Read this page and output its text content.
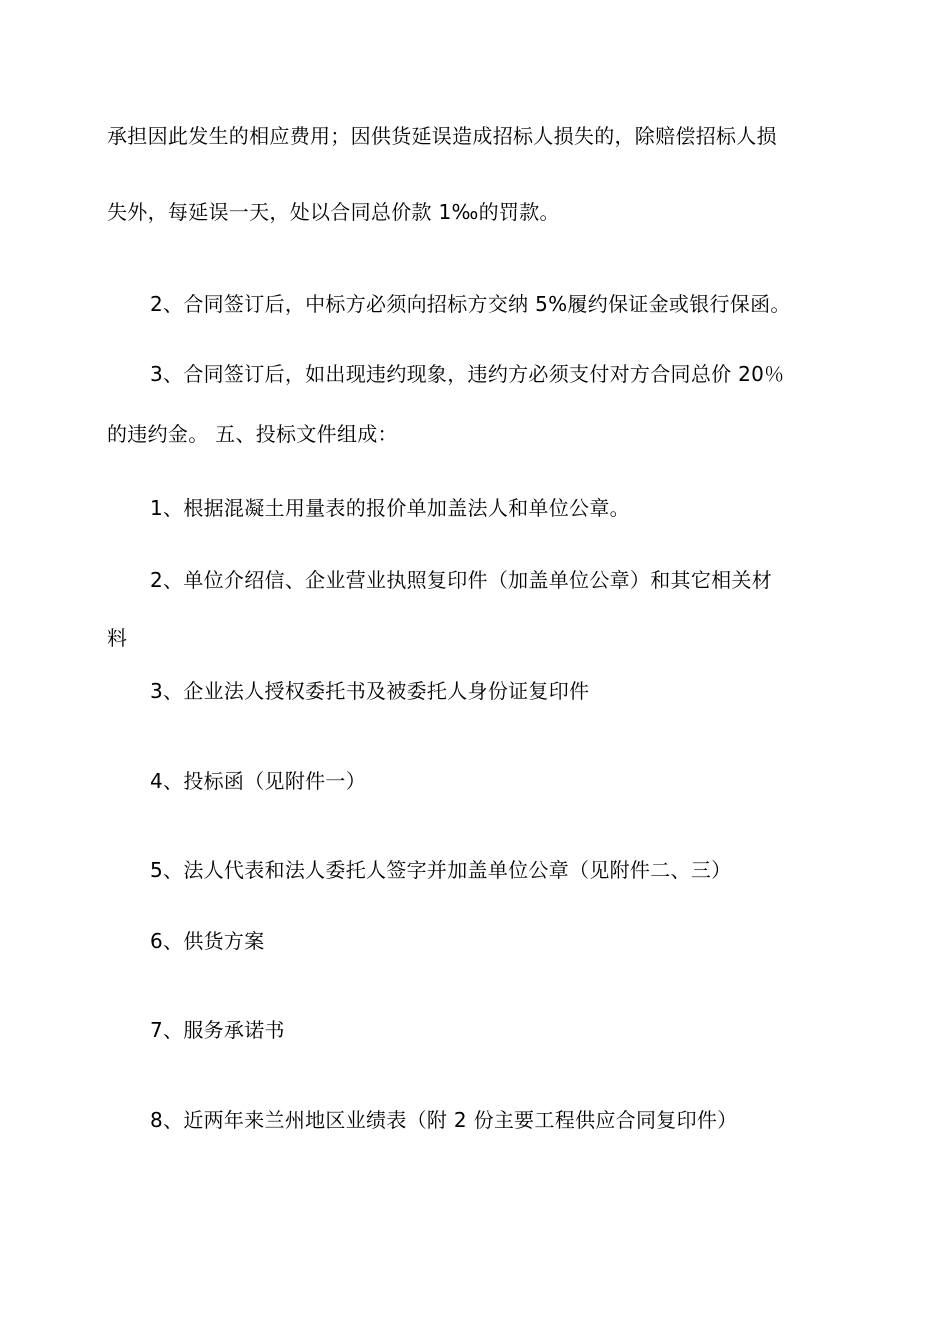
承担因此发生的相应费用；因供货延误造成招标人损失的，除赔偿招标人损
失外，每延误一天，处以合同总价款 1‰的罚款。
2、合同签订后，中标方必须向招标方交纳 5%履约保证金或银行保函。
3、合同签订后，如出现违约现象，违约方必须支付对方合同总价 20％
的违约金。 五、投标文件组成：
1、根据混凝土用量表的报价单加盖法人和单位公章。
2、单位介绍信、企业营业执照复印件（加盖单位公章）和其它相关材
料
3、企业法人授权委托书及被委托人身份证复印件
4、投标函（见附件一）
5、法人代表和法人委托人签字并加盖单位公章（见附件二、三）
6、供货方案
7、服务承诺书
8、近两年来兰州地区业绩表（附 2 份主要工程供应合同复印件）
